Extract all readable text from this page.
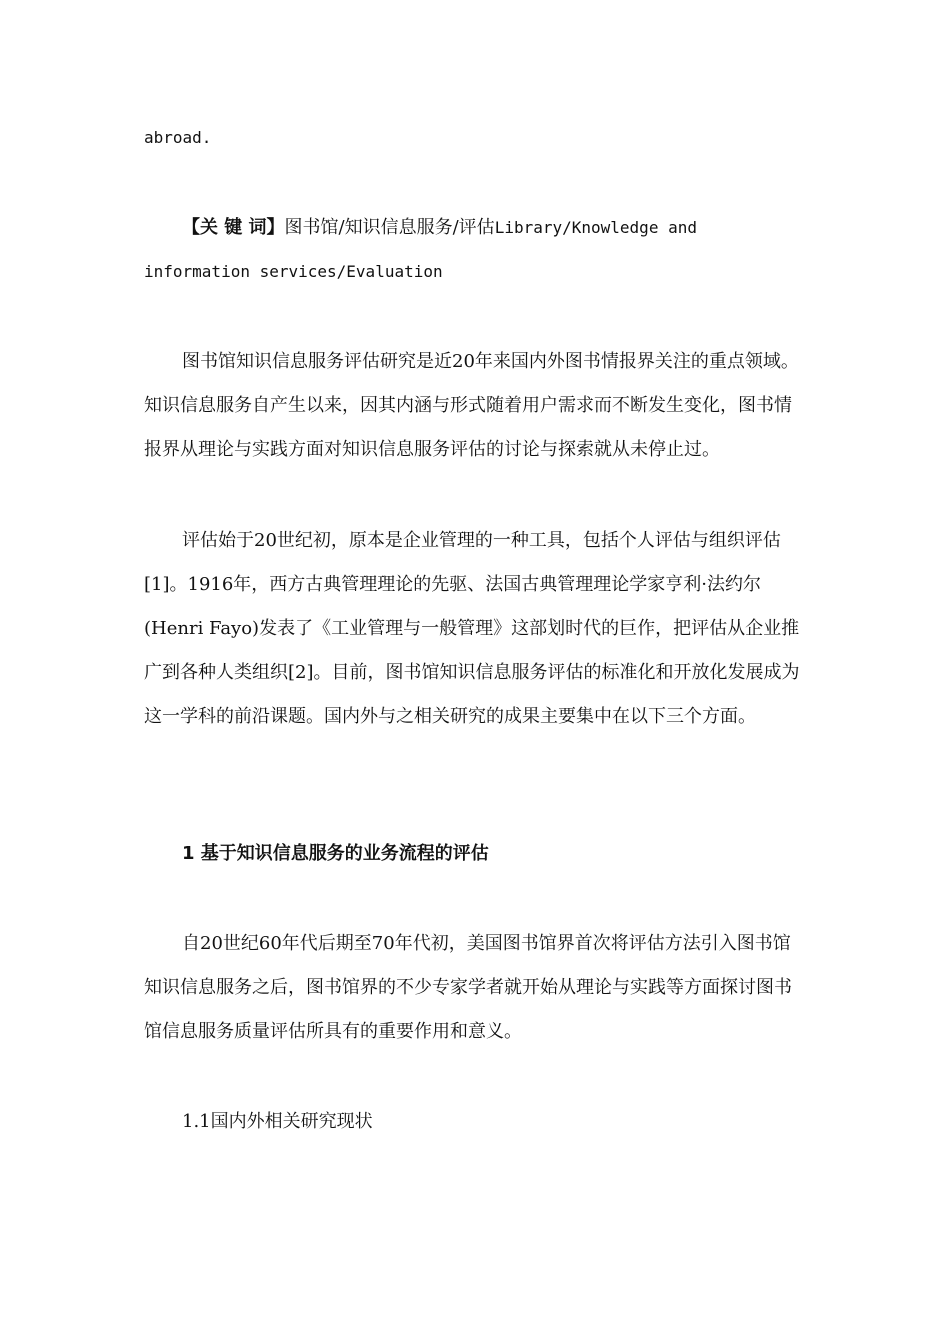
abroad.

【关 键 词】图书馆/知识信息服务/评估Library/Knowledge and information services/Evaluation

图书馆知识信息服务评估研究是近20年来国内外图书情报界关注的重点领域。知识信息服务自产生以来，因其内涵与形式随着用户需求而不断发生变化，图书情报界从理论与实践方面对知识信息服务评估的讨论与探索就从未停止过。

评估始于20世纪初，原本是企业管理的一种工具，包括个人评估与组织评估[1]。1916年，西方古典管理理论的先驱、法国古典管理理论学家亨利·法约尔(Henri Fayo)发表了《工业管理与一般管理》这部划时代的巨作，把评估从企业推广到各种人类组织[2]。目前，图书馆知识信息服务评估的标准化和开放化发展成为这一学科的前沿课题。国内外与之相关研究的成果主要集中在以下三个方面。

1 基于知识信息服务的业务流程的评估

自20世纪60年代后期至70年代初，美国图书馆界首次将评估方法引入图书馆知识信息服务之后，图书馆界的不少专家学者就开始从理论与实践等方面探讨图书馆信息服务质量评估所具有的重要作用和意义。

1.1国内外相关研究现状
